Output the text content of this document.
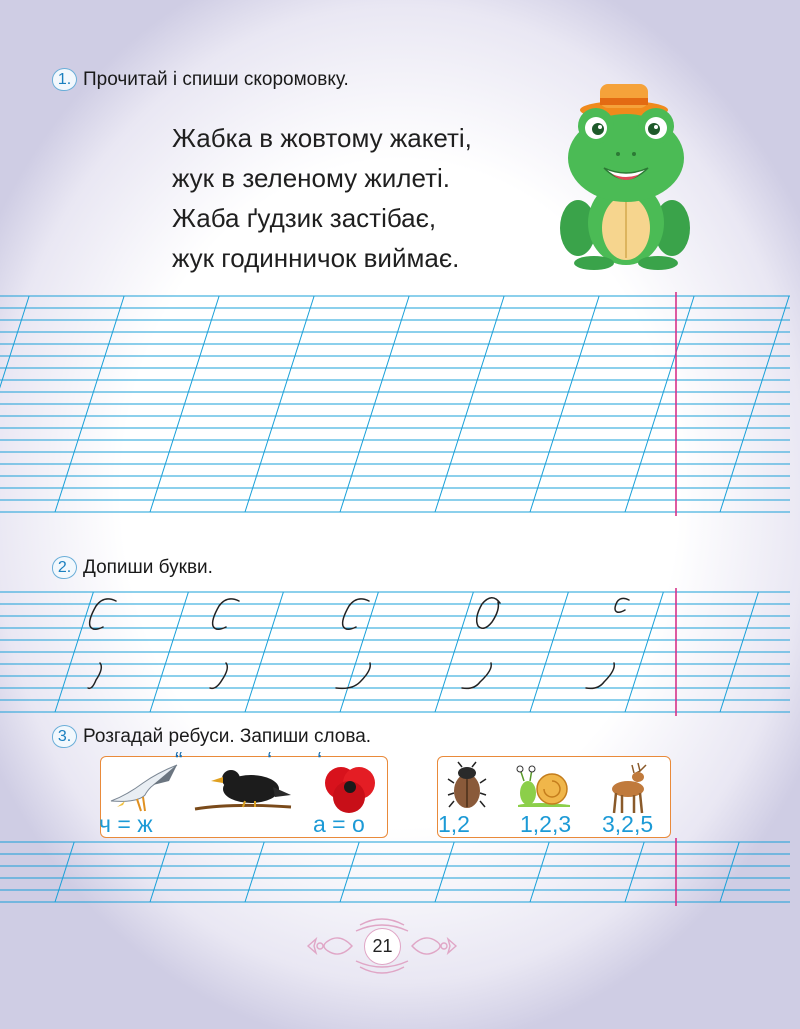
1. Прочитай і спиши скоромовку.
Жабка в жовтому жакеті,
жук в зеленому жилеті.
Жаба ґудзик застібає,
жук годинничок виймає.
2. Допиши букви.
3. Розгадай ребуси. Запиши слова.
“	‘ ‘
ч = ж	а = о	1,2 1,2,3 3,2,5
21
